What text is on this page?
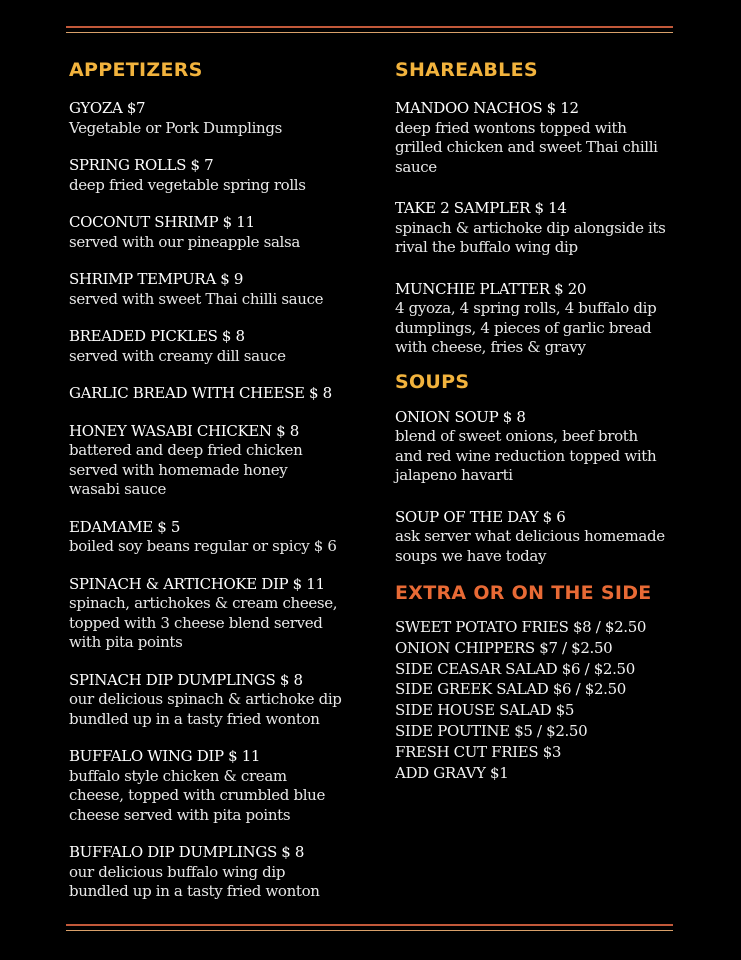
APPETIZERS
GYOZA $7
Vegetable or Pork Dumplings
SPRING ROLLS $ 7
deep fried vegetable spring rolls
COCONUT SHRIMP $ 11
served with our pineapple salsa
SHRIMP TEMPURA $ 9
served with sweet Thai chilli sauce
BREADED PICKLES $ 8
served with creamy dill sauce
GARLIC BREAD WITH CHEESE $ 8
HONEY WASABI CHICKEN $ 8
battered and deep fried chicken
served with homemade honey
wasabi sauce
EDAMAME $ 5
boiled soy beans regular or spicy $ 6
SPINACH & ARTICHOKE DIP $ 11
spinach, artichokes & cream cheese,
topped with 3 cheese blend served
with pita points
SPINACH DIP DUMPLINGS $ 8
our delicious spinach & artichoke dip
bundled up in a tasty fried wonton
BUFFALO WING DIP $ 11
buffalo style chicken & cream
cheese, topped with crumbled blue
cheese served with pita points
BUFFALO DIP DUMPLINGS $ 8
our delicious buffalo wing dip
bundled up in a tasty fried wonton
SHAREABLES
MANDOO NACHOS $ 12
deep fried wontons topped with
grilled chicken and sweet Thai chilli
sauce
TAKE 2 SAMPLER $ 14
spinach & artichoke dip alongside its
rival the buffalo wing dip
MUNCHIE PLATTER $ 20
4 gyoza, 4 spring rolls, 4 buffalo dip
dumplings, 4 pieces of garlic bread
with cheese, fries & gravy
SOUPS
ONION SOUP $ 8
blend of sweet onions, beef broth
and red wine reduction topped with
jalapeno havarti
SOUP OF THE DAY $ 6
ask server what delicious homemade
soups we have today
EXTRA OR ON THE SIDE
SWEET POTATO FRIES $8 / $2.50
ONION CHIPPERS $7 / $2.50
SIDE CEASAR SALAD $6 / $2.50
SIDE GREEK SALAD $6 / $2.50
SIDE HOUSE SALAD $5
SIDE POUTINE $5 / $2.50
FRESH CUT FRIES $3
ADD GRAVY $1
